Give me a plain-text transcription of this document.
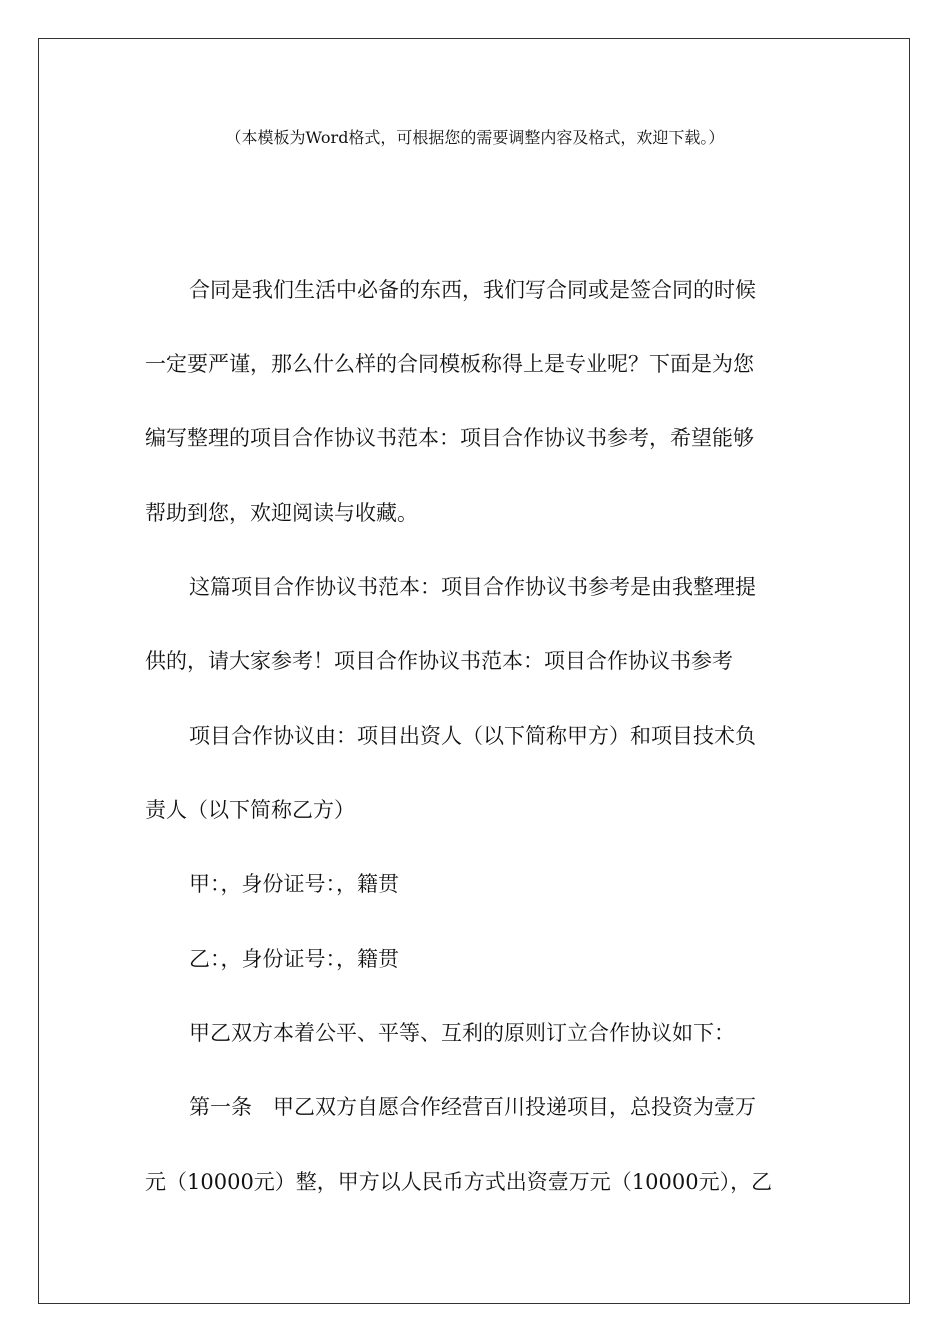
（本模板为Word格式，可根据您的需要调整内容及格式，欢迎下载。）
合同是我们生活中必备的东西，我们写合同或是签合同的时候
一定要严谨，那么什么样的合同模板称得上是专业呢？下面是为您
编写整理的项目合作协议书范本：项目合作协议书参考，希望能够
帮助到您，欢迎阅读与收藏。
这篇项目合作协议书范本：项目合作协议书参考是由我整理提
供的，请大家参考！项目合作协议书范本：项目合作协议书参考
项目合作协议由：项目出资人（以下简称甲方）和项目技术负
责人（以下简称乙方）
甲：，身份证号：，籍贯
乙：，身份证号：，籍贯
甲乙双方本着公平、平等、互利的原则订立合作协议如下：
第一条　甲乙双方自愿合作经营百川投递项目，总投资为壹万
元（10000元）整，甲方以人民币方式出资壹万元（10000元），乙
